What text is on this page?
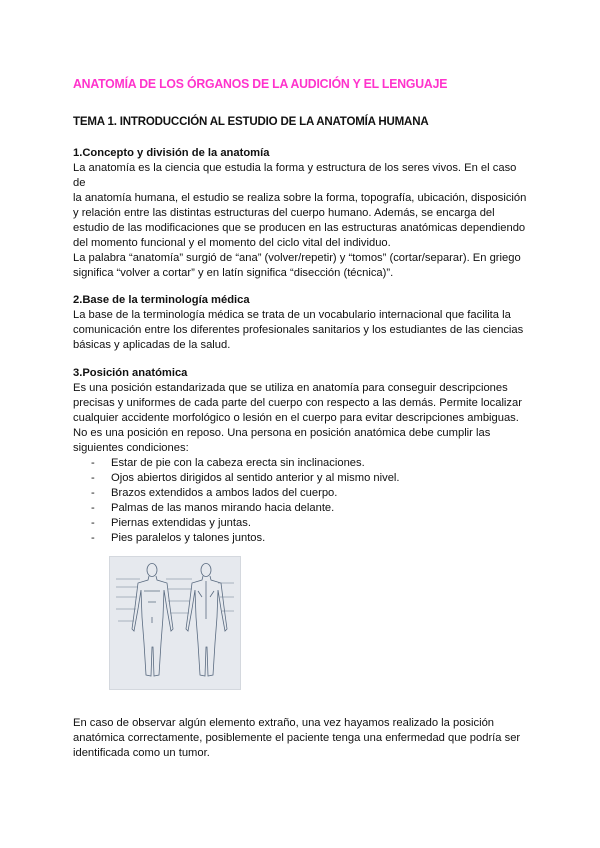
ANATOMÍA DE LOS ÓRGANOS DE LA AUDICIÓN Y EL LENGUAJE
TEMA 1. INTRODUCCIÓN AL ESTUDIO DE LA ANATOMÍA HUMANA

1.Concepto y división de la anatomía

La anatomía es la ciencia que estudia la forma y estructura de los seres vivos. En el caso de

la anatomía humana, el estudio se realiza sobre la forma, topografía, ubicación, disposición

y relación entre las distintas estructuras del cuerpo humano. Además, se encarga del

estudio de las modificaciones que se producen en las estructuras anatómicas dependiendo

del momento funcional y el momento del ciclo vital del individuo.

La palabra “anatomía” surgió de “ana” (volver/repetir) y “tomos” (cortar/separar). En griego

significa “volver a cortar” y en latín significa “disección (técnica)”.

2.Base de la terminología médica

La base de la terminología médica se trata de un vocabulario internacional que facilita la

comunicación entre los diferentes profesionales sanitarios y los estudiantes de las ciencias

básicas y aplicadas de la salud.

3.Posición anatómica

Es una posición estandarizada que se utiliza en anatomía para conseguir descripciones

precisas y uniformes de cada parte del cuerpo con respecto a las demás. Permite localizar

cualquier accidente morfológico o lesión en el cuerpo para evitar descripciones ambiguas.

No es una posición en reposo. Una persona en posición anatómica debe cumplir las

siguientes condiciones:

- Estar de pie con la cabeza erecta sin inclinaciones.
- Ojos abiertos dirigidos al sentido anterior y al mismo nivel.
- Brazos extendidos a ambos lados del cuerpo.
- Palmas de las manos mirando hacia delante.
- Piernas extendidas y juntas.
- Pies paralelos y talones juntos.

En caso de observar algún elemento extraño, una vez hayamos realizado la posición

anatómica correctamente, posiblemente el paciente tenga una enfermedad que podría ser

identificada como un tumor.
